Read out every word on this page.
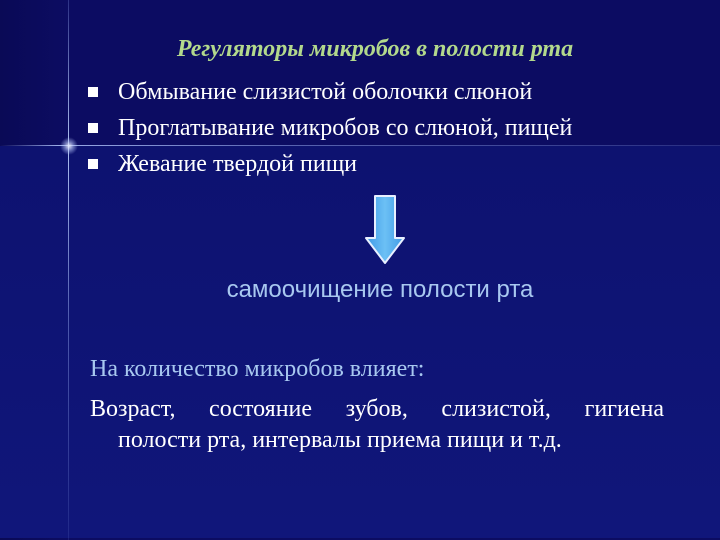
Регуляторы микробов в полости рта
Обмывание слизистой оболочки слюной
Проглатывание микробов со слюной, пищей
Жевание твердой пищи
самоочищение полости рта
На количество микробов влияет:
Возраст, состояние зубов, слизистой, гигиена
полости рта, интервалы приема пищи и т.д.
